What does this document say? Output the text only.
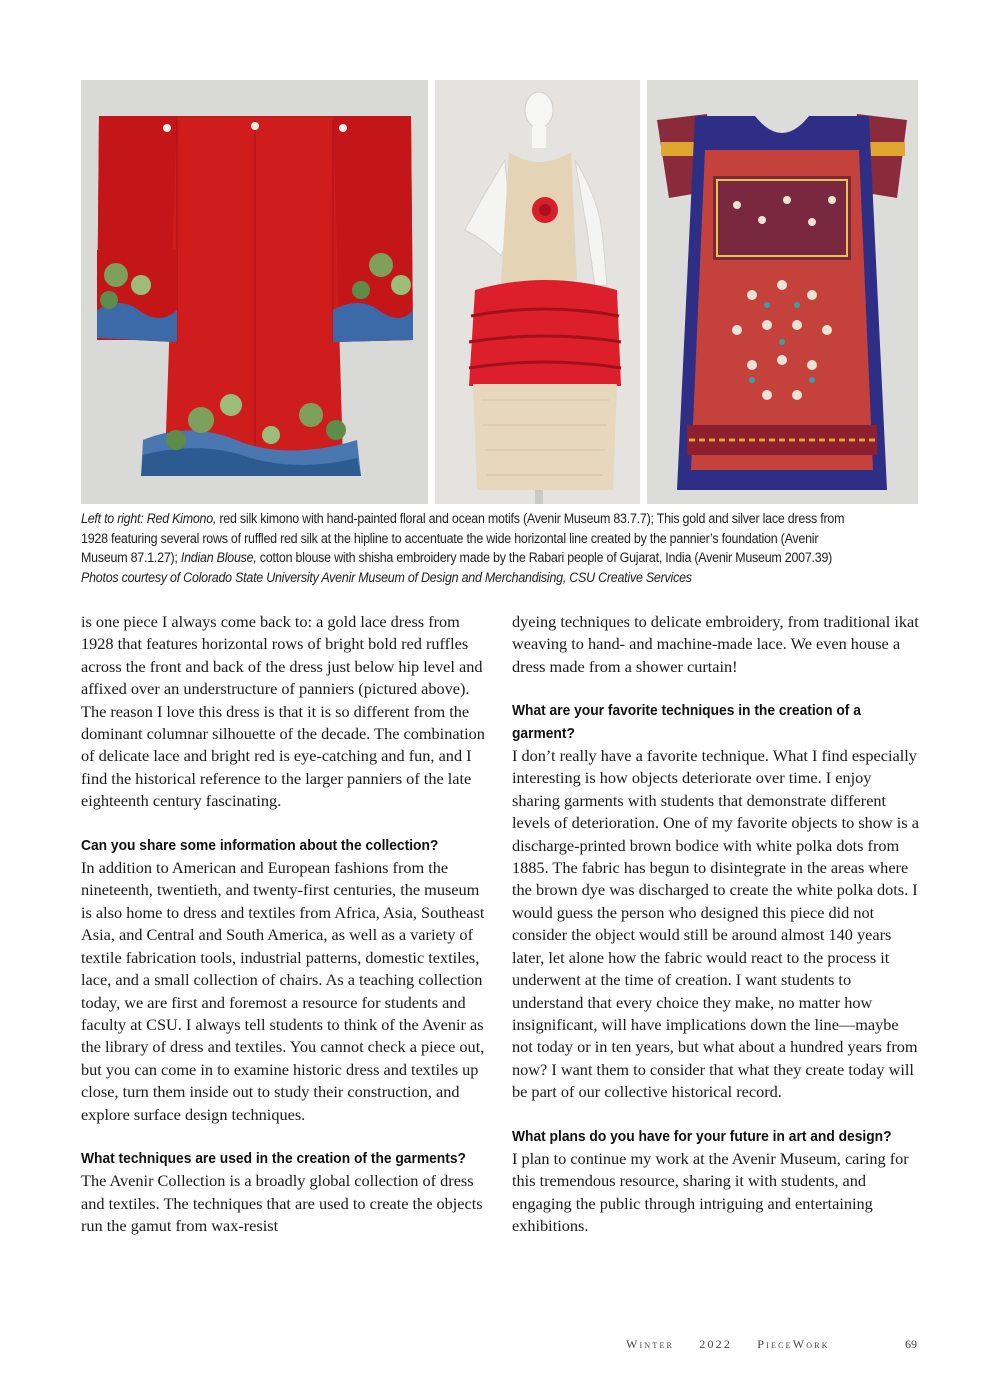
Left to right: Red Kimono, red silk kimono with hand-painted floral and ocean motifs (Avenir Museum 83.7.7); This gold and silver lace dress from 1928 featuring several rows of ruffled red silk at the hipline to accentuate the wide horizontal line created by the pannier’s foundation (Avenir Museum 87.1.27); Indian Blouse, cotton blouse with shisha embroidery made by the Rabari people of Gujarat, India (Avenir Museum 2007.39)
Photos courtesy of Colorado State University Avenir Museum of Design and Merchandising, CSU Creative Services

is one piece I always come back to: a gold lace dress from 1928 that features horizontal rows of bright bold red ruffles across the front and back of the dress just below hip level and affixed over an understructure of panniers (pictured above). The reason I love this dress is that it is so different from the dominant columnar silhouette of the decade. The combination of delicate lace and bright red is eye-catching and fun, and I find the historical reference to the larger panniers of the late eighteenth century fascinating.

Can you share some information about the collection?

In addition to American and European fashions from the nineteenth, twentieth, and twenty-first centuries, the museum is also home to dress and textiles from Africa, Asia, Southeast Asia, and Central and South America, as well as a variety of textile fabrication tools, industrial patterns, domestic textiles, lace, and a small collection of chairs. As a teaching collection today, we are first and foremost a resource for students and faculty at CSU. I always tell students to think of the Avenir as the library of dress and textiles. You cannot check a piece out, but you can come in to examine historic dress and textiles up close, turn them inside out to study their construction, and explore surface design techniques.

What techniques are used in the creation of the garments?

The Avenir Collection is a broadly global collection of dress and textiles. The techniques that are used to create the objects run the gamut from wax-resist

dyeing techniques to delicate embroidery, from traditional ikat weaving to hand- and machine-made lace. We even house a dress made from a shower curtain!

What are your favorite techniques in the creation of a garment?

I don’t really have a favorite technique. What I find especially interesting is how objects deteriorate over time. I enjoy sharing garments with students that demonstrate different levels of deterioration. One of my favorite objects to show is a discharge-printed brown bodice with white polka dots from 1885. The fabric has begun to disintegrate in the areas where the brown dye was discharged to create the white polka dots. I would guess the person who designed this piece did not consider the object would still be around almost 140 years later, let alone how the fabric would react to the process it underwent at the time of creation. I want students to understand that every choice they make, no matter how insignificant, will have implications down the line—maybe not today or in ten years, but what about a hundred years from now? I want them to consider that what they create today will be part of our collective historical record.

What plans do you have for your future in art and design?

I plan to continue my work at the Avenir Museum, caring for this tremendous resource, sharing it with students, and engaging the public through intriguing and entertaining exhibitions.

Winter 2022 PieceWork	69
